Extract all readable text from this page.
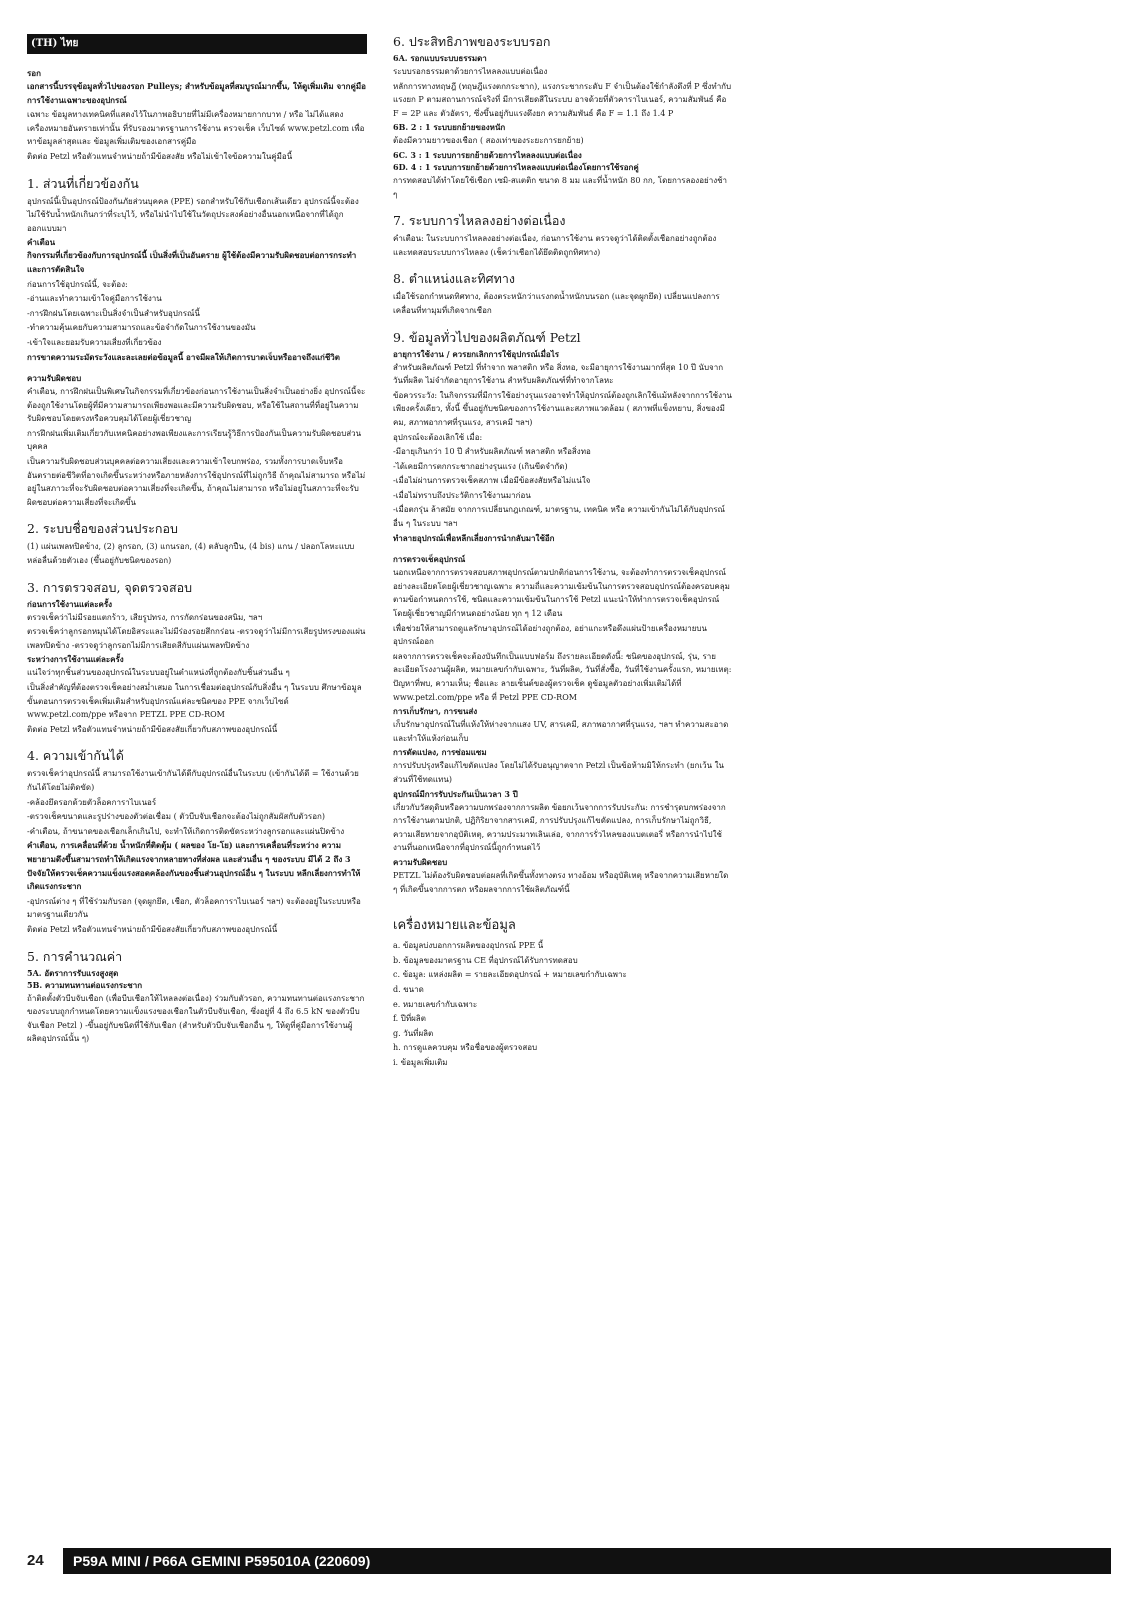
(TH) ไทย
รอก
เอกสารนี้บรรจุข้อมูลทั่วไปของรอก Pulleys; สำหรับข้อมูลที่สมบูรณ์มากขึ้น, ให้ดูเพิ่มเติม จากคู่มือการใช้งานเฉพาะของอุปกรณ์
เฉพาะ ข้อมูลทางเทคนิคที่แสดงไว้ในภาพอธิบายที่ไม่มีเครื่องหมายกากบาท / หรือ ไม่ได้แสดงเครื่องหมายอันตรายเท่านั้น ที่รับรองมาตรฐานการใช้งาน ตรวจเช็ค เว็บไซด์ www.petzl.com เพื่อหาข้อมูลล่าสุดและ ข้อมูลเพิ่มเติมของเอกสารคู่มือ
ติดต่อ Petzl หรือตัวแทนจำหน่ายถ้ามีข้อสงสัย หรือไม่เข้าใจข้อความในคู่มือนี้
1. ส่วนที่เกี่ยวข้องกัน
อุปกรณ์นี้เป็นอุปกรณ์ป้องกันภัยส่วนบุคคล (PPE) รอกสำหรับใช้กับเชือกเส้นเดียว อุปกรณ์นี้จะต้องไม่ใช้รับน้ำหนักเกินกว่าที่ระบุไว้, หรือไม่นำไปใช้ในวัตถุประสงค์อย่างอื่นนอกเหนือจากที่ได้ถูกออกแบบมา
คำเตือน
กิจกรรมที่เกี่ยวข้องกับการอุปกรณ์นี้ เป็นสิ่งที่เป็นอันตราย ผู้ใช้ต้องมีความรับผิดชอบต่อการกระทำและการตัดสินใจ
ก่อนการใช้อุปกรณ์นี้, จะต้อง:
-อ่านและทำความเข้าใจคู่มือการใช้งาน
-การฝึกฝนโดยเฉพาะเป็นสิ่งจำเป็นสำหรับอุปกรณ์นี้
-ทำความคุ้นเคยกับความสามารถและข้อจำกัดในการใช้งานของมัน
-เข้าใจและยอมรับความเสี่ยงที่เกี่ยวข้อง
การขาดความระมัดระวังและละเลยต่อข้อมูลนี้ อาจมีผลให้เกิดการบาดเจ็บหรืออาจถึงแก่ชีวิต
ความรับผิดชอบ
คำเตือน, การฝึกฝนเป็นพิเศษในกิจกรรมที่เกี่ยวข้องก่อนการใช้งานเป็นสิ่งจำเป็นอย่างยิ่ง อุปกรณ์นี้จะต้องถูกใช้งานโดยผู้ที่มีความสามารถเพียงพอและมีความรับผิดชอบ, หรือใช้ในสถานที่ที่อยู่ในความรับผิดชอบโดยตรงหรือควบคุมได้โดยผู้เชี่ยวชาญ
การฝึกฝนเพิ่มเติมเกี่ยวกับเทคนิคอย่างพอเพียงและการเรียนรู้วิธีการป้องกันเป็นความรับผิดชอบส่วนบุคคล
เป็นความรับผิดชอบส่วนบุคคลต่อความเสี่ยงและความเข้าใจบกพร่อง, รวมทั้งการบาดเจ็บหรืออันตรายต่อชีวิตที่อาจเกิดขึ้นระหว่างหรือภายหลังการใช้อุปกรณ์ที่ไม่ถูกวิธี ถ้าคุณไม่สามารถ หรือไม่อยู่ในสภาวะที่จะรับผิดชอบต่อความเสี่ยงที่จะเกิดขึ้น, ถ้าคุณไม่สามารถ หรือไม่อยู่ในสภาวะที่จะรับผิดชอบต่อความเสี่ยงที่จะเกิดขึ้น
2. ระบบชื่อของส่วนประกอบ
(1) แผ่นเพลทปิดข้าง, (2) ลูกรอก, (3) แกนรอก, (4) ตลับลูกปืน, (4 bis) แกน / ปลอกโลหะแบบหล่อลื่นด้วยตัวเอง (ขึ้นอยู่กับชนิดของรอก)
3. การตรวจสอบ, จุดตรวจสอบ
ก่อนการใช้งานแต่ละครั้ง
ตรวจเช็คว่าไม่มีรอยแตกร้าว, เสียรูปทรง, การกัดกร่อนของสนิม, ฯลฯ
ตรวจเช็คว่าลูกรอกหมุนได้โดยอิสระและไม่มีร่องรอยสึกกร่อน -ตรวจดูว่าไม่มีการเสียรูปทรงของแผ่นเพลทปิดข้าง -ตรวจดูว่าลูกรอกไม่มีการเสียดสีกับแผ่นเพลทปิดข้าง
ระหว่างการใช้งานแต่ละครั้ง
แน่ใจว่าทุกชิ้นส่วนของอุปกรณ์ในระบบอยู่ในตำแหน่งที่ถูกต้องกับชิ้นส่วนอื่น ๆ
เป็นสิ่งสำคัญที่ต้องตรวจเช็คอย่างสม่ำเสมอ ในการเชื่อมต่ออุปกรณ์กับสิ่งอื่น ๆ ในระบบ ศึกษาข้อมูลขั้นตอนการตรวจเช็คเพิ่มเติมสำหรับอุปกรณ์แต่ละชนิดของ PPE จากเว็บไซด์ www.petzl.com/ppe หรือจาก PETZL PPE CD-ROM
ติดต่อ Petzl หรือตัวแทนจำหน่ายถ้ามีข้อสงสัยเกี่ยวกับสภาพของอุปกรณ์นี้
4. ความเข้ากันได้
ตรวจเช็คว่าอุปกรณ์นี้ สามารถใช้งานเข้ากันได้ดีกับอุปกรณ์อื่นในระบบ (เข้ากันได้ดี = ใช้งานด้วยกันได้โดยไม่ติดขัด)
-คล้องยึดรอกด้วยตัวล็อคการาไบเนอร์
-ตรวจเช็คขนาดและรูปร่างของตัวต่อเชื่อม ( ตัวบีบจับเชือกจะต้องไม่ถูกสัมผัสกับตัวรอก)
-คำเตือน, ถ้าขนาดของเชือกเล็กเกินไป, จะทำให้เกิดการติดขัดระหว่างลูกรอกและแผ่นปิดข้าง
คำเตือน, การเคลื่อนที่ด้วย น้ำหนักที่ติดตุ้ม ( ผลของ โย-โย) และการเคลื่อนที่ระหว่าง ความพยายามดึงขึ้นสามารถทำให้เกิดแรงจากหลายทางที่ส่งผล และส่วนอื่น ๆ ของระบบ มีได้ 2 ถึง 3 ปัจจัยให้ตรวจเช็คความแข็งแรงสอดคล้องกันของชิ้นส่วนอุปกรณ์อื่น ๆ ในระบบ หลีกเลี่ยงการทำให้เกิดแรงกระชาก
-อุปกรณ์ต่าง ๆ ที่ใช้ร่วมกับรอก (จุดผูกยึด, เชือก, ตัวล็อคการาไบเนอร์ ฯลฯ) จะต้องอยู่ในระบบหรือมาตรฐานเดียวกัน
ติดต่อ Petzl หรือตัวแทนจำหน่ายถ้ามีข้อสงสัยเกี่ยวกับสภาพของอุปกรณ์นี้
5. การคำนวณค่า
5A. อัตราการรับแรงสูงสุด
5B. ความทนทานต่อแรงกระชาก
ถ้าติดตั้งตัวบีบจับเชือก (เพื่อบีบเชือกให้ไหลลงต่อเนื่อง) ร่วมกับตัวรอก, ความทนทานต่อแรงกระชากของระบบถูกกำหนดโดยความแข็งแรงของเชือกในตัวบีบจับเชือก, ซึ่งอยู่ที่ 4 ถึง 6.5 kN ของตัวบีบจับเชือก Petzl ) -ขึ้นอยู่กับชนิดที่ใช้กับเชือก (สำหรับตัวบีบจับเชือกอื่น ๆ, ให้ดูที่คู่มือการใช้งานผู้ผลิตอุปกรณ์นั้น ๆ)
6. ประสิทธิภาพของระบบรอก
6A. รอกแบบระบบธรรมดา
ระบบรอกธรรมดาด้วยการไหลลงแบบต่อเนื่อง
หลักการทางทฤษฎี (ทฤษฎีแรงตกกระชาก), แรงกระชากระดับ F จำเป็นต้องใช้กำลังดึงที่ P ซึ่งทำกับแรงยก P ตามสถานการณ์จริงที่ มีการเสียดสีในระบบ อาจด้วยที่ตัวคาราไบเนอร์, ความสัมพันธ์ คือ F = 2P และ ตัวอัตรา, ซึ่งขึ้นอยู่กับแรงดึงยก ความสัมพันธ์ คือ F = 1.1 ถึง 1.4 P
6B. 2 : 1 ระบบยกย้ายของหนัก
ต้องมีความยาวของเชือก ( สองเท่าของระยะการยกย้าย)
6C. 3 : 1 ระบบการยกย้ายด้วยการไหลลงแบบต่อเนื่อง
6D. 4 : 1 ระบบการยกย้ายด้วยการไหลลงแบบต่อเนื่องโดยการใช้รอกคู่
การทดสอบได้ทำโดยใช้เชือก เซมิ-สแตติก ขนาด 8 มม และที่น้ำหนัก 80 กก, โดยการลองอย่างช้า ๆ
7. ระบบการไหลลงอย่างต่อเนื่อง
คำเตือน: ในระบบการไหลลงอย่างต่อเนื่อง, ก่อนการใช้งาน ตรวจดูว่าได้ติดตั้งเชือกอย่างถูกต้อง และทดสอบระบบการไหลลง (เช็คว่าเชือกได้ยึดติดถูกทิศทาง)
8. ตำแหน่งและทิศทาง
เมื่อใช้รอกกำหนดทิศทาง, ต้องตระหนักว่าแรงกดน้ำหนักบนรอก (และจุดผูกยึด) เปลี่ยนแปลงการเคลื่อนที่ทามุมที่เกิดจากเชือก
9. ข้อมูลทั่วไปของผลิตภัณฑ์ Petzl
อายุการใช้งาน / ควรยกเลิกการใช้อุปกรณ์เมื่อไร
สำหรับผลิตภัณฑ์ Petzl ที่ทำจาก พลาสติก หรือ สิ่งทอ, จะมีอายุการใช้งานมากที่สุด 10 ปี นับจากวันที่ผลิต ไม่จำกัดอายุการใช้งาน สำหรับผลิตภัณฑ์ที่ทำจากโลหะ
ข้อควรระวัง: ในกิจกรรมที่มีการใช้อย่างรุนแรงอาจทำให้อุปกรณ์ต้องถูกเลิกใช้แม้หลังจากการใช้งานเพียงครั้งเดียว, ทั้งนี้ ขึ้นอยู่กับชนิดของการใช้งานและสภาพแวดล้อม ( สภาพที่แข็งหยาบ, สิ่งของมีคม, สภาพอากาศที่รุนแรง, สารเคมี ฯลฯ)
อุปกรณ์จะต้องเลิกใช้ เมื่อ:
-มีอายุเกินกว่า 10 ปี สำหรับผลิตภัณฑ์ พลาสติก หรือสิ่งทอ
-ได้เคยมีการตกกระชากอย่างรุนแรง (เกินขีดจำกัด)
-เมื่อไม่ผ่านการตรวจเช็คสภาพ เมื่อมีข้อสงสัยหรือไม่แน่ใจ
-เมื่อไม่ทราบถึงประวัติการใช้งานมาก่อน
-เมื่อตกรุ่น ล้าสมัย จากการเปลี่ยนกฎเกณฑ์, มาตรฐาน, เทคนิค หรือ ความเข้ากันไม่ได้กับอุปกรณ์อื่น ๆ ในระบบ ฯลฯ
ทำลายอุปกรณ์เพื่อหลีกเลี่ยงการนำกลับมาใช้อีก
การตรวจเช็คอุปกรณ์
นอกเหนือจากการตรวจสอบสภาพอุปกรณ์ตามปกติก่อนการใช้งาน, จะต้องทำการตรวจเช็คอุปกรณ์อย่างละเอียดโดยผู้เชี่ยวชาญเฉพาะ ความถี่และความเข้มข้นในการตรวจสอบอุปกรณ์ต้องครอบคลุมตามข้อกำหนดการใช้, ชนิดและความเข้มข้นในการใช้ Petzl แนะนำให้ทำการตรวจเช็คอุปกรณ์โดยผู้เชี่ยวชาญมีกำหนดอย่างน้อย ทุก ๆ 12 เดือน
เพื่อช่วยให้สามารถดูแลรักษาอุปกรณ์ได้อย่างถูกต้อง, อย่าแกะหรือดึงแผ่นป้ายเครื่องหมายบนอุปกรณ์ออก
ผลจากการตรวจเช็คจะต้องบันทึกเป็นแบบฟอร์ม ถึงรายละเอียดดังนี้: ชนิดของอุปกรณ์, รุ่น, รายละเอียดโรงงานผู้ผลิต, หมายเลขกำกับเฉพาะ, วันที่ผลิต, วันที่สั่งซื้อ, วันที่ใช้งานครั้งแรก, หมายเหตุ: ปัญหาที่พบ, ความเห็น; ชื่อและ ลายเซ็นต์ของผู้ตรวจเช็ค ดูข้อมูลตัวอย่างเพิ่มเติมได้ที่ www.petzl.com/ppe หรือ ที่ Petzl PPE CD-ROM
การเก็บรักษา, การขนส่ง
เก็บรักษาอุปกรณ์ในที่แห้งให้ห่างจากแสง UV, สารเคมี, สภาพอากาศที่รุนแรง, ฯลฯ ทำความสะอาดและทำให้แห้งก่อนเก็บ
การดัดแปลง, การซ่อมแซม
การปรับปรุงหรือแก้ไขดัดแปลง โดยไม่ได้รับอนุญาตจาก Petzl เป็นข้อห้ามมิให้กระทำ (ยกเว้น ในส่วนที่ใช้ทดแทน)
อุปกรณ์มีการรับประกันเป็นเวลา 3 ปี
เกี่ยวกับวัสดุดิบหรือความบกพร่องจากการผลิต ข้อยกเว้นจากการรับประกัน: การชำรุดบกพร่องจากการใช้งานตามปกติ, ปฏิกิริยาจากสารเคมี, การปรับปรุงแก้ไขดัดแปลง, การเก็บรักษาไม่ถูกวิธี, ความเสียหายจากอุบัติเหตุ, ความประมาทเลินเล่อ, จากการรั่วไหลของแบตเตอรี่ หรือการนำไปใช้งานที่นอกเหนือจากที่อุปกรณ์นี้ถูกกำหนดไว้
ความรับผิดชอบ
PETZL ไม่ต้องรับผิดชอบต่อผลที่เกิดขึ้นทั้งทางตรง ทางอ้อม หรืออุบัติเหตุ หรือจากความเสียหายใด ๆ ที่เกิดขึ้นจากการตก หรือผลจากการใช้ผลิตภัณฑ์นี้
เครื่องหมายและข้อมูล
a. ข้อมูลบ่งบอกการผลิตของอุปกรณ์ PPE นี้
b. ข้อมูลของมาตรฐาน CE ที่อุปกรณ์ได้รับการทดสอบ
c. ข้อมูล: แหล่งผลิต = รายละเอียดอุปกรณ์ + หมายเลขกำกับเฉพาะ
d. ขนาด
e. หมายเลขกำกับเฉพาะ
f. ปีที่ผลิต
g. วันที่ผลิต
h. การดูแลควบคุม หรือชื่อของผู้ตรวจสอบ
i. ข้อมูลเพิ่มเติม
24	P59A MINI / P66A GEMINI P595010A (220609)
